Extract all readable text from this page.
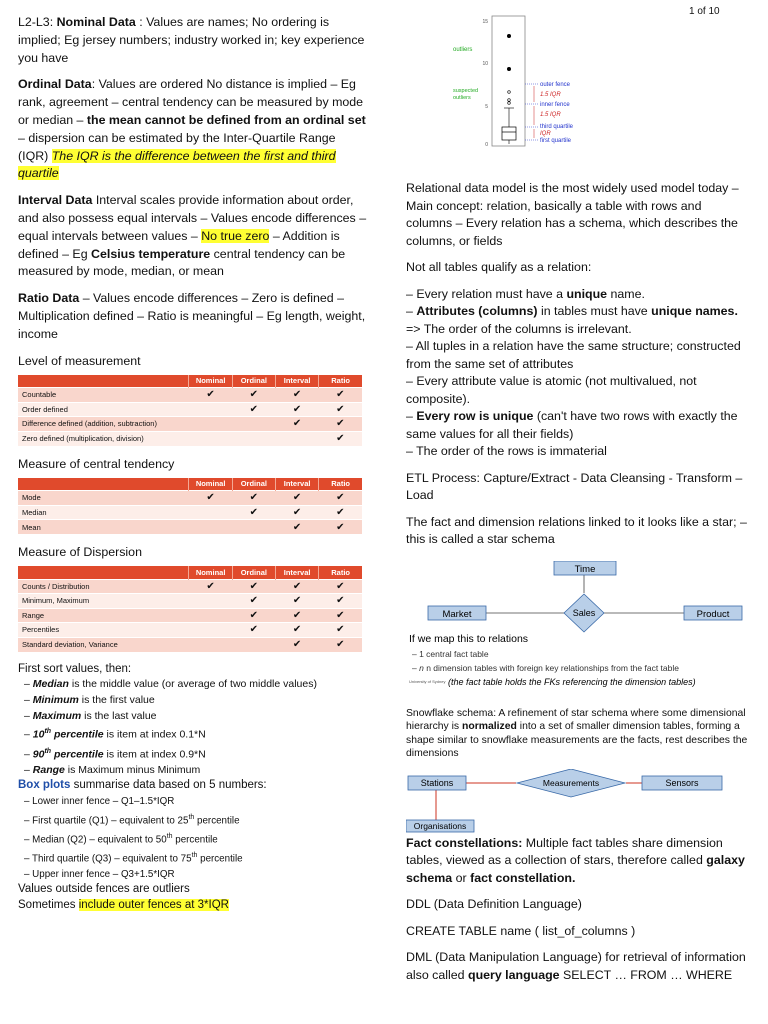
1 of 10

L2-L3: Nominal Data : Values are names; No ordering is implied; Eg jersey numbers; industry worked in; key experience you have

Ordinal Data: Values are ordered No distance is implied – Eg rank, agreement – central tendency can be measured by mode or median – the mean cannot be defined from an ordinal set – dispersion can be estimated by the Inter-Quartile Range (IQR) The IQR is the difference between the first and third quartile

Interval Data Interval scales provide information about order, and also possess equal intervals – Values encode differences – equal intervals between values – No true zero – Addition is defined – Eg Celsius temperature central tendency can be measured by mode, median, or mean

Ratio Data – Values encode differences – Zero is defined – Multiplication defined – Ratio is meaningful – Eg length, weight, income

Level of measurement
	Nominal	Ordinal	Interval	Ratio
Countable	✔	✔	✔	✔
Order defined		✔	✔	✔
Difference defined (addition, subtraction)			✔	✔
Zero defined (multiplication, division)				✔
Measure of central tendency
	Nominal	Ordinal	Interval	Ratio
Mode	✔	✔	✔	✔
Median		✔	✔	✔
Mean			✔	✔
Measure of Dispersion
	Nominal	Ordinal	Interval	Ratio
Counts / Distribution	✔	✔	✔	✔
Minimum, Maximum		✔	✔	✔
Range		✔	✔	✔
Percentiles		✔	✔	✔
Standard deviation, Variance			✔	✔
First sort values, then:
– Median is the middle value (or average of two middle values)
– Minimum is the first value
– Maximum is the last value
– 10th percentile is item at index 0.1*N
– 90th percentile is item at index 0.9*N
– Range is Maximum minus Minimum
Box plots summarise data based on 5 numbers:
– Lower inner fence – Q1–1.5*IQR
– First quartile (Q1) – equivalent to 25th percentile
– Median (Q2) – equivalent to 50th percentile
– Third quartile (Q3) – equivalent to 75th percentile
– Upper inner fence – Q3+1.5*IQR
Values outside fences are outliers
Sometimes include outer fences at 3*IQR
15
10
5
0
outliers
suspected
outliers
outer fence
1.5 IQR
inner fence
1.5 IQR
third quartile
IQR
first quartile
Relational data model is the most widely used model today – Main concept: relation, basically a table with rows and columns – Every relation has a schema, which describes the columns, or fields
Not all tables qualify as a relation:
– Every relation must have a unique name.
– Attributes (columns) in tables must have unique names.
=> The order of the columns is irrelevant.
– All tuples in a relation have the same structure; constructed from the same set of attributes
– Every attribute value is atomic (not multivalued, not composite).
– Every row is unique (can't have two rows with exactly the same values for all their fields)
– The order of the rows is immaterial
ETL Process: Capture/Extract - Data Cleansing - Transform – Load
The fact and dimension relations linked to it looks like a star; – this is called a star schema
Time
Market	Product
Sales
If we map this to relations
– 1 central fact table
– n n dimension tables with foreign key relationships from the fact table
University of Sydney (the fact table holds the FKs referencing the dimension tables)
Snowflake schema: A refinement of star schema where some dimensional hierarchy is normalized into a set of smaller dimension tables, forming a shape similar to snowflake measurements are the facts, rest describes the dimensions
Stations	Measurements	Sensors
Organisations
Fact constellations: Multiple fact tables share dimension tables, viewed as a collection of stars, therefore called galaxy schema or fact constellation.
DDL (Data Definition Language)
CREATE TABLE name ( list_of_columns )
DML (Data Manipulation Language) for retrieval of information also called query language SELECT … FROM … WHERE
